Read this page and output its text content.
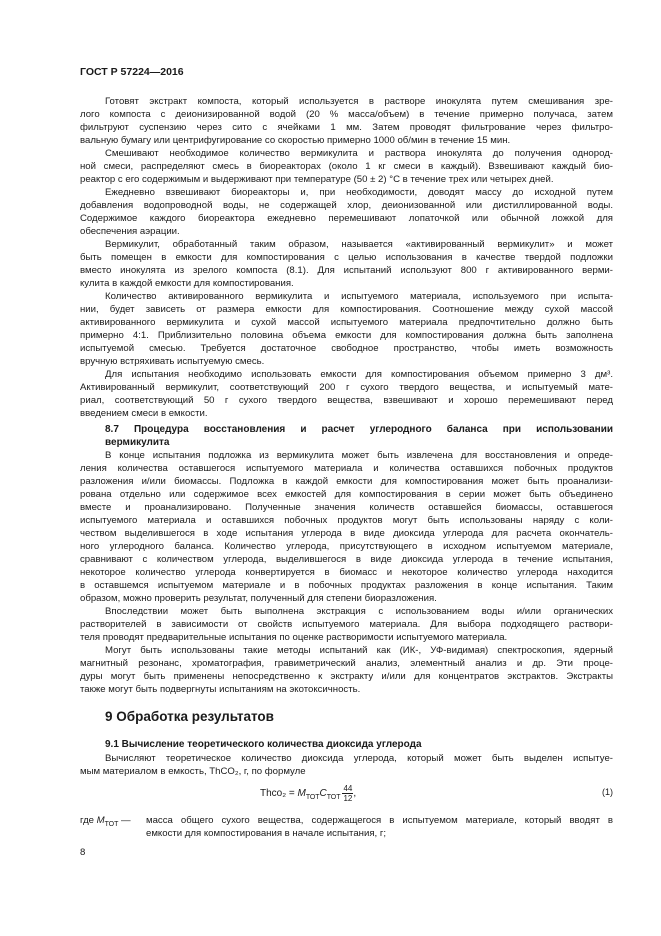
ГОСТ Р 57224—2016
Готовят экстракт компоста, который используется в растворе инокулята путем смешивания зре-
лого компоста с деионизированной водой (20 % масса/объем) в течение примерно получаса, затем
фильтруют суспензию через сито с ячейками 1 мм. Затем проводят фильтрование через фильтро-
вальную бумагу или центрифугирование со скоростью примерно 1000 об/мин в течение 15 мин.
Смешивают необходимое количество вермикулита и раствора инокулята до получения однород-
ной смеси, распределяют смесь в биореакторах (около 1 кг смеси в каждый). Взвешивают каждый био-
реактор с его содержимым и выдерживают при температуре (50 ± 2) °С в течение трех или четырех дней.
Ежедневно взвешивают биореакторы и, при необходимости, доводят массу до исходной путем
добавления водопроводной воды, не содержащей хлор, деионизованной или дистиллированной воды.
Содержимое каждого биореактора ежедневно перемешивают лопаточкой или обычной ложкой для
обеспечения аэрации.
Вермикулит, обработанный таким образом, называется «активированный вермикулит» и может
быть помещен в емкости для компостирования с целью использования в качестве твердой подложки
вместо инокулята из зрелого компоста (8.1). Для испытаний используют 800 г активированного верми-
кулита в каждой емкости для компостирования.
Количество активированного вермикулита и испытуемого материала, используемого при испыта-
нии, будет зависеть от размера емкости для компостирования. Соотношение между сухой массой
активированного вермикулита и сухой массой испытуемого материала предпочтительно должно быть
примерно 4:1. Приблизительно половина объема емкости для компостирования должна быть заполнена
испытуемой смесью. Требуется достаточное свободное пространство, чтобы иметь возможность
вручную встряхивать испытуемую смесь.
Для испытания необходимо использовать емкости для компостирования объемом примерно 3 дм³.
Активированный вермикулит, соответствующий 200 г сухого твердого вещества, и испытуемый мате-
риал, соответствующий 50 г сухого твердого вещества, взвешивают и хорошо перемешивают перед
введением смеси в емкости.
8.7 Процедура восстановления и расчет углеродного баланса при использовании
вермикулита
В конце испытания подложка из вермикулита может быть извлечена для восстановления и опреде-
ления количества оставшегося испытуемого материала и количества оставшихся побочных продуктов
разложения и/или биомассы. Подложка в каждой емкости для компостирования может быть проанализи-
рована отдельно или содержимое всех емкостей для компостирования в серии может быть объединено
вместе и проанализировано. Полученные значения количеств оставшейся биомассы, оставшегося
испытуемого материала и оставшихся побочных продуктов могут быть использованы наряду с коли-
чеством выделившегося в ходе испытания углерода в виде диоксида углерода для расчета окончатель-
ного углеродного баланса. Количество углерода, присутствующего в исходном испытуемом материале,
сравнивают с количеством углерода, выделившегося в виде диоксида углерода в течение испытания,
некоторое количество углерода конвертируется в биомасс и некоторое количество углерода находится
в оставшемся испытуемом материале и в побочных продуктах разложения в конце испытания. Таким
образом, можно проверить результат, полученный для степени биоразложения.
Впоследствии может быть выполнена экстракция с использованием воды и/или органических
растворителей в зависимости от свойств испытуемого материала. Для выбора подходящего раствори-
теля проводят предварительные испытания по оценке растворимости испытуемого материала.
Могут быть использованы такие методы испытаний как (ИК-, УФ-видимая) спектроскопия, ядерный
магнитный резонанс, хроматография, гравиметрический анализ, элементный анализ и др. Эти проце-
дуры могут быть применены непосредственно к экстракту и/или для концентратов экстрактов. Экстракты
также могут быть подвергнуты испытаниям на экотоксичность.
9 Обработка результатов
9.1 Вычисление теоретического количества диоксида углерода
Вычисляют теоретическое количество диоксида углерода, который может быть выделен испытуе-
мым материалом в емкость, ThCO₂, г, по формуле
Thco₂ = $M_{ТОТ}C_{ТОТ} \frac{44}{12}$ ,	(1)
где $M_{ТОТ}$ — масса общего сухого вещества, содержащегося в испытуемом материале, который вводят в
емкости для компостирования в начале испытания, г;
8
